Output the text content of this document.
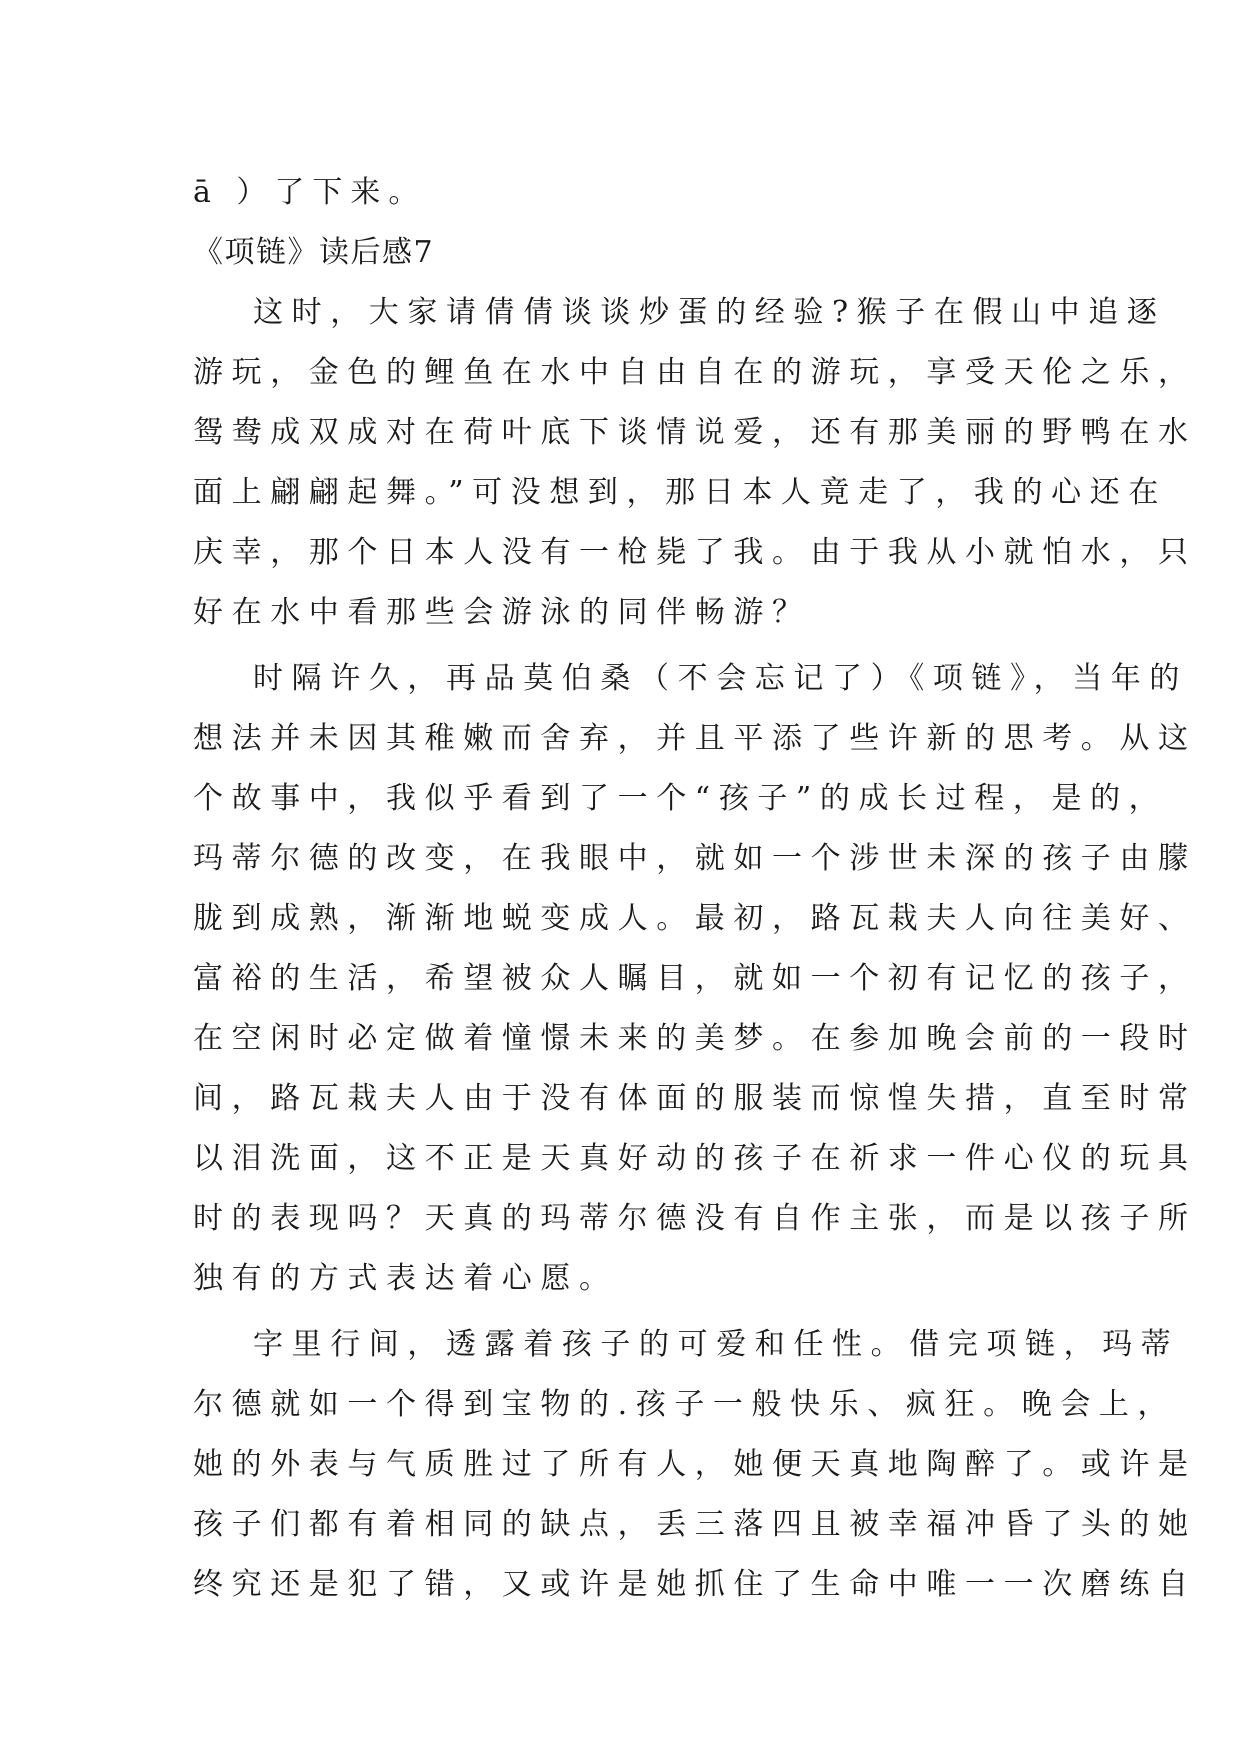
ā ）了下来。
《项链》读后感7
这时，大家请倩倩谈谈炒蛋的经验?猴子在假山中追逐
游玩，金色的鲤鱼在水中自由自在的游玩，享受天伦之乐，
鸳鸯成双成对在荷叶底下谈情说爱，还有那美丽的野鸭在水
面上翩翩起舞。”可没想到，那日本人竟走了，我的心还在
庆幸，那个日本人没有一枪毙了我。由于我从小就怕水，只
好在水中看那些会游泳的同伴畅游？
时隔许久，再品莫伯桑（不会忘记了）《项链》，当年的
想法并未因其稚嫩而舍弃，并且平添了些许新的思考。从这
个故事中，我似乎看到了一个“孩子”的成长过程，是的，
玛蒂尔德的改变，在我眼中，就如一个涉世未深的孩子由朦
胧到成熟，渐渐地蜕变成人。最初，路瓦栽夫人向往美好、
富裕的生活，希望被众人瞩目，就如一个初有记忆的孩子，
在空闲时必定做着憧憬未来的美梦。在参加晚会前的一段时
间，路瓦栽夫人由于没有体面的服装而惊惶失措，直至时常
以泪洗面，这不正是天真好动的孩子在祈求一件心仪的玩具
时的表现吗？天真的玛蒂尔德没有自作主张，而是以孩子所
独有的方式表达着心愿。
字里行间，透露着孩子的可爱和任性。借完项链，玛蒂
尔德就如一个得到宝物的.孩子一般快乐、疯狂。晚会上，
她的外表与气质胜过了所有人，她便天真地陶醉了。或许是
孩子们都有着相同的缺点，丢三落四且被幸福冲昏了头的她
终究还是犯了错，又或许是她抓住了生命中唯一一次磨练自
